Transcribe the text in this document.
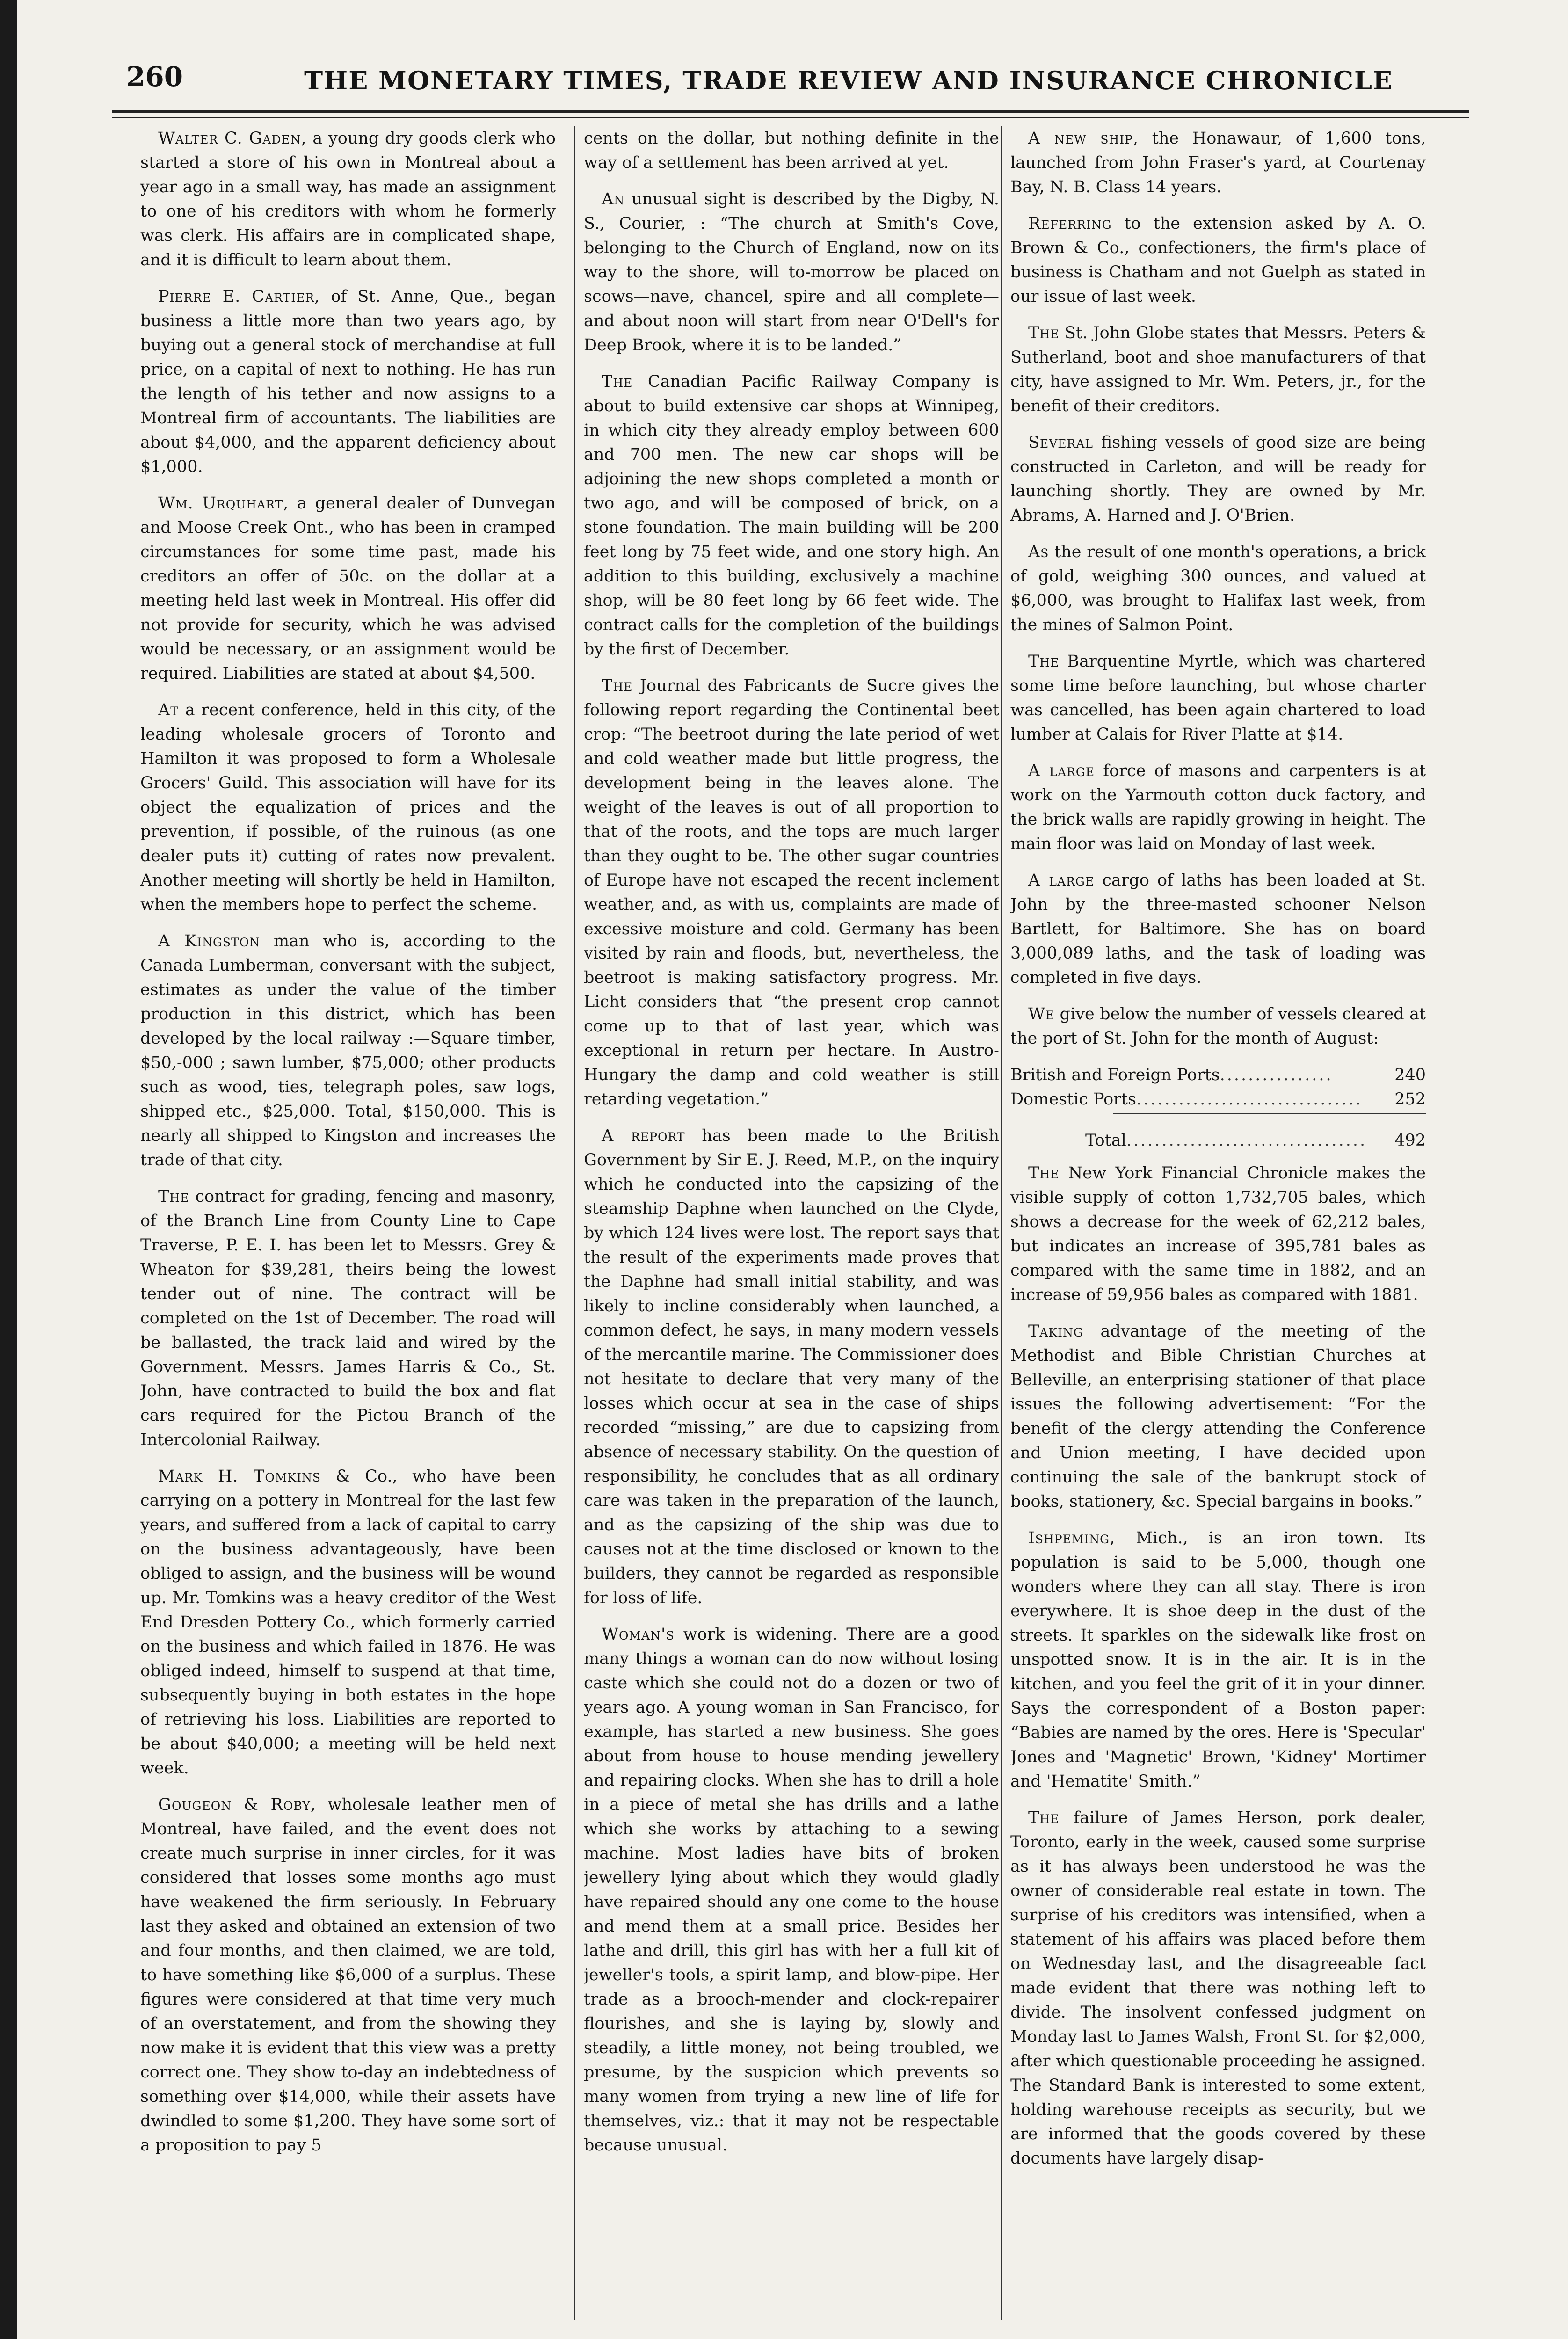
260	THE MONETARY TIMES, TRADE REVIEW AND INSURANCE CHRONICLE

Walter C. Gaden, a young dry goods clerk who started a store of his own in Montreal about a year ago in a small way, has made an assignment to one of his creditors with whom he formerly was clerk. His affairs are in complicated shape, and it is difficult to learn about them.

Pierre E. Cartier, of St. Anne, Que., began business a little more than two years ago, by buying out a general stock of merchandise at full price, on a capital of next to nothing. He has run the length of his tether and now assigns to a Montreal firm of accountants. The liabilities are about $4,000, and the apparent deficiency about $1,000.

Wm. Urquhart, a general dealer of Dunvegan and Moose Creek Ont., who has been in cramped circumstances for some time past, made his creditors an offer of 50c. on the dollar at a meeting held last week in Montreal. His offer did not provide for security, which he was advised would be necessary, or an assignment would be required. Liabilities are stated at about $4,500.

At a recent conference, held in this city, of the leading wholesale grocers of Toronto and Hamilton it was proposed to form a Wholesale Grocers' Guild. This association will have for its object the equalization of prices and the prevention, if possible, of the ruinous (as one dealer puts it) cutting of rates now prevalent. Another meeting will shortly be held in Hamilton, when the members hope to perfect the scheme.

A Kingston man who is, according to the Canada Lumberman, conversant with the subject, estimates as under the value of the timber production in this district, which has been developed by the local railway :—Square timber, $50,-000 ; sawn lumber, $75,000; other products such as wood, ties, telegraph poles, saw logs, shipped etc., $25,000. Total, $150,000. This is nearly all shipped to Kingston and increases the trade of that city.

The contract for grading, fencing and masonry, of the Branch Line from County Line to Cape Traverse, P. E. I. has been let to Messrs. Grey & Wheaton for $39,281, theirs being the lowest tender out of nine. The contract will be completed on the 1st of December. The road will be ballasted, the track laid and wired by the Government. Messrs. James Harris & Co., St. John, have contracted to build the box and flat cars required for the Pictou Branch of the Intercolonial Railway.

Mark H. Tomkins & Co., who have been carrying on a pottery in Montreal for the last few years, and suffered from a lack of capital to carry on the business advantageously, have been obliged to assign, and the business will be wound up. Mr. Tomkins was a heavy creditor of the West End Dresden Pottery Co., which formerly carried on the business and which failed in 1876. He was obliged indeed, himself to suspend at that time, subsequently buying in both estates in the hope of retrieving his loss. Liabilities are reported to be about $40,000; a meeting will be held next week.

Gougeon & Roby, wholesale leather men of Montreal, have failed, and the event does not create much surprise in inner circles, for it was considered that losses some months ago must have weakened the firm seriously. In February last they asked and obtained an extension of two and four months, and then claimed, we are told, to have something like $6,000 of a surplus. These figures were considered at that time very much of an overstatement, and from the showing they now make it is evident that this view was a pretty correct one. They show to-day an indebtedness of something over $14,000, while their assets have dwindled to some $1,200. They have some sort of a proposition to pay 5

cents on the dollar, but nothing definite in the way of a settlement has been arrived at yet.

An unusual sight is described by the Digby, N. S., Courier, : “The church at Smith's Cove, belonging to the Church of England, now on its way to the shore, will to-morrow be placed on scows—nave, chancel, spire and all complete—and about noon will start from near O'Dell's for Deep Brook, where it is to be landed.”

The Canadian Pacific Railway Company is about to build extensive car shops at Winnipeg, in which city they already employ between 600 and 700 men. The new car shops will be adjoining the new shops completed a month or two ago, and will be composed of brick, on a stone foundation. The main building will be 200 feet long by 75 feet wide, and one story high. An addition to this building, exclusively a machine shop, will be 80 feet long by 66 feet wide. The contract calls for the completion of the buildings by the first of December.

The Journal des Fabricants de Sucre gives the following report regarding the Continental beet crop: “The beetroot during the late period of wet and cold weather made but little progress, the development being in the leaves alone. The weight of the leaves is out of all proportion to that of the roots, and the tops are much larger than they ought to be. The other sugar countries of Europe have not escaped the recent inclement weather, and, as with us, complaints are made of excessive moisture and cold. Germany has been visited by rain and floods, but, nevertheless, the beetroot is making satisfactory progress. Mr. Licht considers that “the present crop cannot come up to that of last year, which was exceptional in return per hectare. In Austro-Hungary the damp and cold weather is still retarding vegetation.”

A report has been made to the British Government by Sir E. J. Reed, M.P., on the inquiry which he conducted into the capsizing of the steamship Daphne when launched on the Clyde, by which 124 lives were lost. The report says that the result of the experiments made proves that the Daphne had small initial stability, and was likely to incline considerably when launched, a common defect, he says, in many modern vessels of the mercantile marine. The Commissioner does not hesitate to declare that very many of the losses which occur at sea in the case of ships recorded “missing,” are due to capsizing from absence of necessary stability. On the question of responsibility, he concludes that as all ordinary care was taken in the preparation of the launch, and as the capsizing of the ship was due to causes not at the time disclosed or known to the builders, they cannot be regarded as responsible for loss of life.

Woman's work is widening. There are a good many things a woman can do now without losing caste which she could not do a dozen or two of years ago. A young woman in San Francisco, for example, has started a new business. She goes about from house to house mending jewellery and repairing clocks. When she has to drill a hole in a piece of metal she has drills and a lathe which she works by attaching to a sewing machine. Most ladies have bits of broken jewellery lying about which they would gladly have repaired should any one come to the house and mend them at a small price. Besides her lathe and drill, this girl has with her a full kit of jeweller's tools, a spirit lamp, and blow-pipe. Her trade as a brooch-mender and clock-repairer flourishes, and she is laying by, slowly and steadily, a little money, not being troubled, we presume, by the suspicion which prevents so many women from trying a new line of life for themselves, viz.: that it may not be respectable because unusual.

A new ship, the Honawaur, of 1,600 tons, launched from John Fraser's yard, at Courtenay Bay, N. B. Class 14 years.

Referring to the extension asked by A. O. Brown & Co., confectioners, the firm's place of business is Chatham and not Guelph as stated in our issue of last week.

The St. John Globe states that Messrs. Peters & Sutherland, boot and shoe manufacturers of that city, have assigned to Mr. Wm. Peters, jr., for the benefit of their creditors.

Several fishing vessels of good size are being constructed in Carleton, and will be ready for launching shortly. They are owned by Mr. Abrams, A. Harned and J. O'Brien.

As the result of one month's operations, a brick of gold, weighing 300 ounces, and valued at $6,000, was brought to Halifax last week, from the mines of Salmon Point.

The Barquentine Myrtle, which was chartered some time before launching, but whose charter was cancelled, has been again chartered to load lumber at Calais for River Platte at $14.

A large force of masons and carpenters is at work on the Yarmouth cotton duck factory, and the brick walls are rapidly growing in height. The main floor was laid on Monday of last week.

A large cargo of laths has been loaded at St. John by the three-masted schooner Nelson Bartlett, for Baltimore. She has on board 3,000,089 laths, and the task of loading was completed in five days.

We give below the number of vessels cleared at the port of St. John for the month of August:

British and Foreign Ports ................	240
Domestic Ports ................................	252
Total ..................................	492

The New York Financial Chronicle makes the visible supply of cotton 1,732,705 bales, which shows a decrease for the week of 62,212 bales, but indicates an increase of 395,781 bales as compared with the same time in 1882, and an increase of 59,956 bales as compared with 1881.

Taking advantage of the meeting of the Methodist and Bible Christian Churches at Belleville, an enterprising stationer of that place issues the following advertisement: “For the benefit of the clergy attending the Conference and Union meeting, I have decided upon continuing the sale of the bankrupt stock of books, stationery, &c. Special bargains in books.”

Ishpeming, Mich., is an iron town. Its population is said to be 5,000, though one wonders where they can all stay. There is iron everywhere. It is shoe deep in the dust of the streets. It sparkles on the sidewalk like frost on unspotted snow. It is in the air. It is in the kitchen, and you feel the grit of it in your dinner. Says the correspondent of a Boston paper: “Babies are named by the ores. Here is 'Specular' Jones and 'Magnetic' Brown, 'Kidney' Mortimer and 'Hematite' Smith.”

The failure of James Herson, pork dealer, Toronto, early in the week, caused some surprise as it has always been understood he was the owner of considerable real estate in town. The surprise of his creditors was intensified, when a statement of his affairs was placed before them on Wednesday last, and the disagreeable fact made evident that there was nothing left to divide. The insolvent confessed judgment on Monday last to James Walsh, Front St. for $2,000, after which questionable proceeding he assigned. The Standard Bank is interested to some extent, holding warehouse receipts as security, but we are informed that the goods covered by these documents have largely disap-
